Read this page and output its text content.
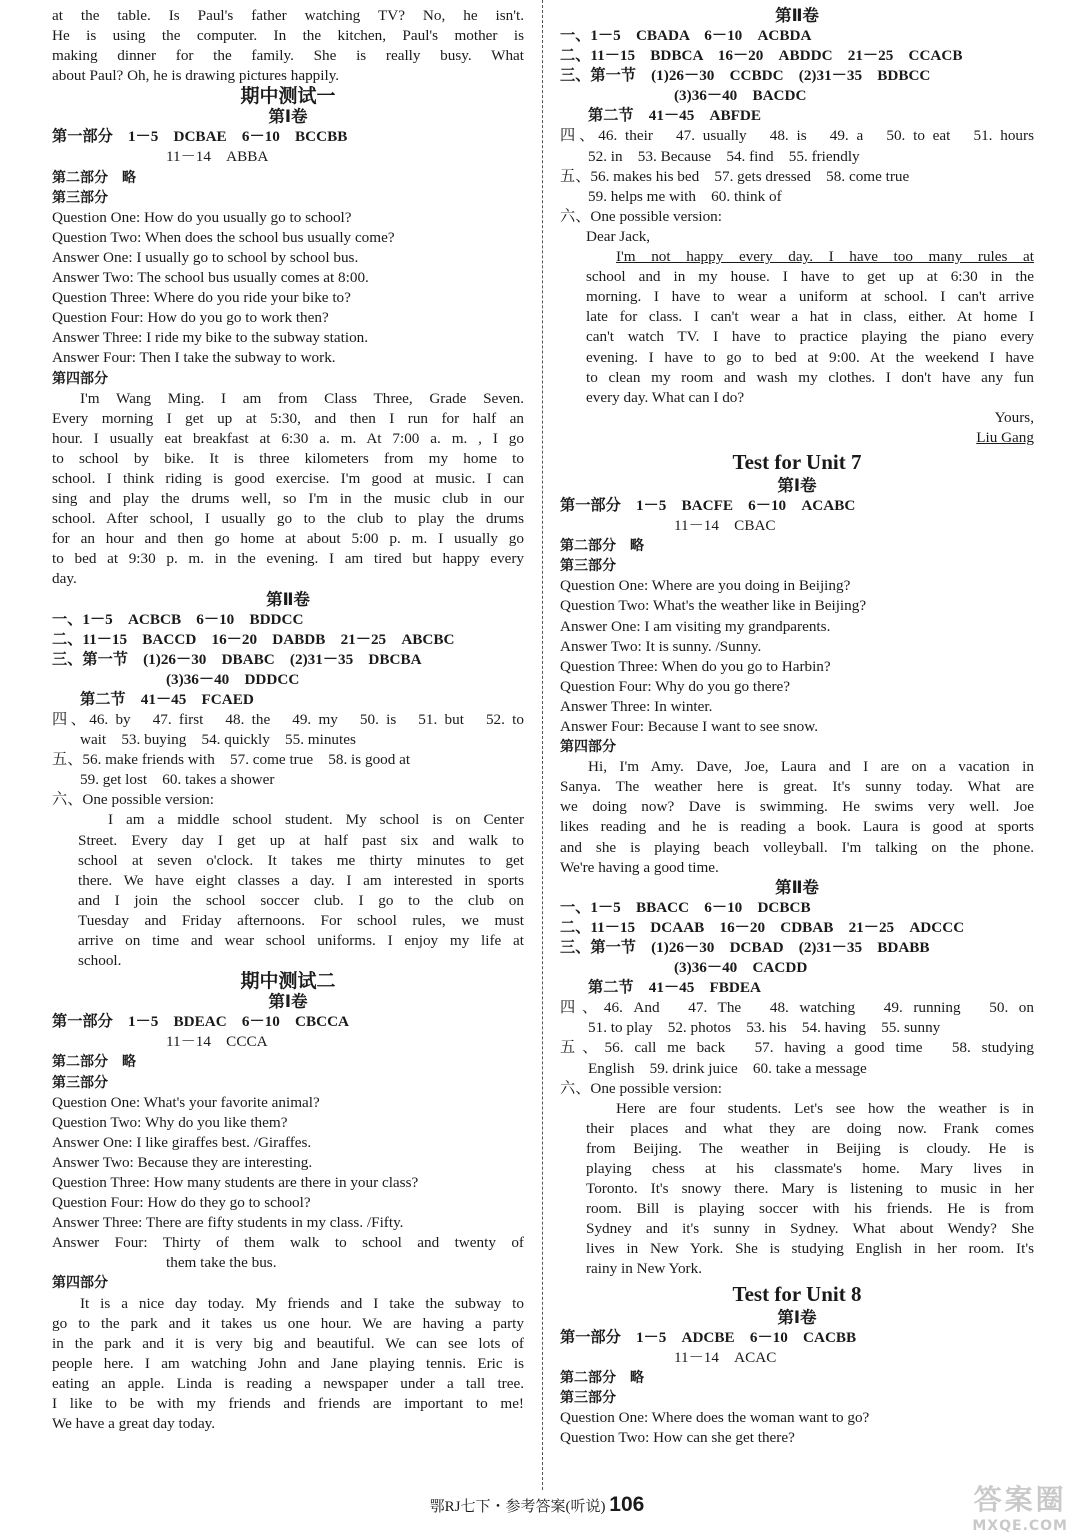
at the table. Is Paul's father watching TV? No, he isn't.
He is using the computer. In the kitchen, Paul's mother is
making dinner for the family. She is really busy. What
about Paul? Oh, he is drawing pictures happily.
期中测试一
第Ⅰ卷
第一部分　1－5　DCBAE　6－10　BCCBB
11－14　ABBA
第二部分　略
第三部分
Question One: How do you usually go to school?
Question Two: When does the school bus usually come?
Answer One: I usually go to school by school bus.
Answer Two: The school bus usually comes at 8:00.
Question Three: Where do you ride your bike to?
Question Four: How do you go to work then?
Answer Three: I ride my bike to the subway station.
Answer Four: Then I take the subway to work.
第四部分
I'm Wang Ming. I am from Class Three, Grade Seven.
Every morning I get up at 5:30, and then I run for half an
hour. I usually eat breakfast at 6:30 a. m. At 7:00 a. m. , I go
to school by bike. It is three kilometers from my home to
school. I think riding is good exercise. I'm good at music. I can
sing and play the drums well, so I'm in the music club in our
school. After school, I usually go to the club to play the drums
for an hour and then go home at about 5:00 p. m. I usually go
to bed at 9:30 p. m. in the evening. I am tired but happy every
day.
第Ⅱ卷
一、1－5　ACBCB　6－10　BDDCC
二、11－15　BACCD　16－20　DABDB　21－25　ABCBC
三、第一节　(1)26－30　DBABC　(2)31－35　DBCBA
(3)36－40　DDDCC
第二节　41－45　FCAED
四、46. by　47. first　48. the　49. my　50. is　51. but　52. to
wait　53. buying　54. quickly　55. minutes
五、56. make friends with　57. come true　58. is good at
59. get lost　60. takes a shower
六、One possible version:
I am a middle school student. My school is on Center
Street. Every day I get up at half past six and walk to
school at seven o'clock. It takes me thirty minutes to get
there. We have eight classes a day. I am interested in sports
and I join the school soccer club. I go to the club on
Tuesday and Friday afternoons. For school rules, we must
arrive on time and wear school uniforms. I enjoy my life at
school.
期中测试二
第Ⅰ卷
第一部分　1－5　BDEAC　6－10　CBCCA
11－14　CCCA
第二部分　略
第三部分
Question One: What's your favorite animal?
Question Two: Why do you like them?
Answer One: I like giraffes best. /Giraffes.
Answer Two: Because they are interesting.
Question Three: How many students are there in your class?
Question Four: How do they go to school?
Answer Three: There are fifty students in my class. /Fifty.
Answer Four: Thirty of them walk to school and twenty of
them take the bus.
第四部分
It is a nice day today. My friends and I take the subway to
go to the park and it takes us one hour. We are having a party
in the park and it is very big and beautiful. We can see lots of
people here. I am watching John and Jane playing tennis. Eric is
eating an apple. Linda is reading a newspaper under a tall tree.
I like to be with my friends and friends are important to me!
We have a great day today.
第Ⅱ卷
一、1－5　CBADA　6－10　ACBDA
二、11－15　BDBCA　16－20　ABDDC　21－25　CCACB
三、第一节　(1)26－30　CCBDC　(2)31－35　BDBCC
(3)36－40　BACDC
第二节　41－45　ABFDE
四、46. their　47. usually　48. is　49. a　50. to eat　51. hours
52. in　53. Because　54. find　55. friendly
五、56. makes his bed　57. gets dressed　58. come true
59. helps me with　60. think of
六、One possible version:
Dear Jack,
I'm not happy every day. I have too many rules at
school and in my house. I have to get up at 6:30 in the
morning. I have to wear a uniform at school. I can't arrive
late for class. I can't wear a hat in class, either. At home I
can't watch TV. I have to practice playing the piano every
evening. I have to go to bed at 9:00. At the weekend I have
to clean my room and wash my clothes. I don't have any fun
every day. What can I do?
Yours,
Liu Gang
Test for Unit 7
第Ⅰ卷
第一部分　1－5　BACFE　6－10　ACABC
11－14　CBAC
第二部分　略
第三部分
Question One: Where are you doing in Beijing?
Question Two: What's the weather like in Beijing?
Answer One: I am visiting my grandparents.
Answer Two: It is sunny. /Sunny.
Question Three: When do you go to Harbin?
Question Four: Why do you go there?
Answer Three: In winter.
Answer Four: Because I want to see snow.
第四部分
Hi, I'm Amy. Dave, Joe, Laura and I are on a vacation in
Sanya. The weather here is great. It's sunny today. What are
we doing now? Dave is swimming. He swims very well. Joe
likes reading and he is reading a book. Laura is good at sports
and she is playing beach volleyball. I'm talking on the phone.
We're having a good time.
第Ⅱ卷
一、1－5　BBACC　6－10　DCBCB
二、11－15　DCAAB　16－20　CDBAB　21－25　ADCCC
三、第一节　(1)26－30　DCBAD　(2)31－35　BDABB
(3)36－40　CACDD
第二节　41－45　FBDEA
四、46. And　47. The　48. watching　49. running　50. on
51. to play　52. photos　53. his　54. having　55. sunny
五、56. call me back　57. having a good time　58. studying
English　59. drink juice　60. take a message
六、One possible version:
Here are four students. Let's see how the weather is in
their places and what they are doing now. Frank comes
from Beijing. The weather in Beijing is cloudy. He is
playing chess at his classmate's home. Mary lives in
Toronto. It's snowy there. Mary is listening to music in her
room. Bill is playing soccer with his friends. He is from
Sydney and it's sunny in Sydney. What about Wendy? She
lives in New York. She is studying English in her room. It's
rainy in New York.
Test for Unit 8
第Ⅰ卷
第一部分　1－5　ADCBE　6－10　CACBB
11－14　ACAC
第二部分　略
第三部分
Question One: Where does the woman want to go?
Question Two: How can she get there?
鄂RJ七下・参考答案(听说) 106	答案圈
MXQE.COM
